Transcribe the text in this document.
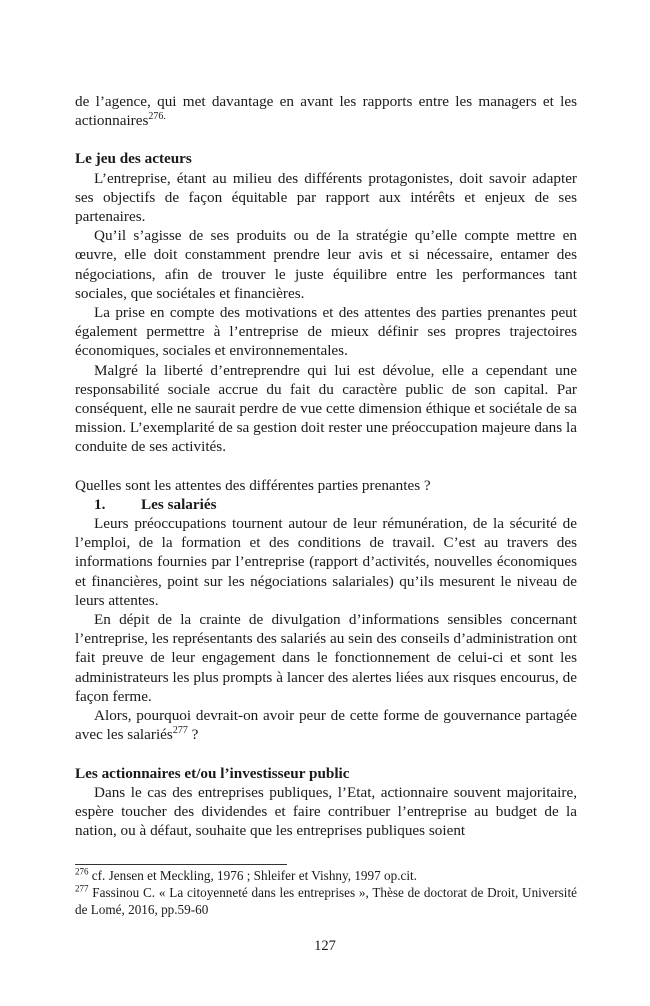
de l’agence, qui met davantage en avant les rapports entre les managers et les actionnaires$^{276.}$

Le jeu des acteurs

L’entreprise, étant au milieu des différents protagonistes, doit savoir adapter ses objectifs de façon équitable par rapport aux intérêts et enjeux de ses partenaires.

Qu’il s’agisse de ses produits ou de la stratégie qu’elle compte mettre en œuvre, elle doit constamment prendre leur avis et si nécessaire, entamer des négociations, afin de trouver le juste équilibre entre les performances tant sociales, que sociétales et financières.

La prise en compte des motivations et des attentes des parties prenantes peut également permettre à l’entreprise de mieux définir ses propres trajectoires économiques, sociales et environnementales.

Malgré la liberté d’entreprendre qui lui est dévolue, elle a cependant une responsabilité sociale accrue du fait du caractère public de son capital. Par conséquent, elle ne saurait perdre de vue cette dimension éthique et sociétale de sa mission. L’exemplarité de sa gestion doit rester une préoccupation majeure dans la conduite de ses activités.

Quelles sont les attentes des différentes parties prenantes ?

1.	Les salariés

Leurs préoccupations tournent autour de leur rémunération, de la sécurité de l’emploi, de la formation et des conditions de travail. C’est au travers des informations fournies par l’entreprise (rapport d’activités, nouvelles économiques et financières, point sur les négociations salariales) qu’ils mesurent le niveau de leurs attentes.

En dépit de la crainte de divulgation d’informations sensibles concernant l’entreprise, les représentants des salariés au sein des conseils d’administration ont fait preuve de leur engagement dans le fonctionnement de celui-ci et sont les administrateurs les plus prompts à lancer des alertes liées aux risques encourus, de façon ferme.

Alors, pourquoi devrait-on avoir peur de cette forme de gouvernance partagée avec les salariés$^{277}$ ?

Les actionnaires et/ou l’investisseur public

Dans le cas des entreprises publiques, l’Etat, actionnaire souvent majoritaire, espère toucher des dividendes et faire contribuer l’entreprise au budget de la nation, ou à défaut, souhaite que les entreprises publiques soient

$^{276}$ cf. Jensen et Meckling, 1976 ; Shleifer et Vishny, 1997 op.cit.

$^{277}$ Fassinou C. « La citoyenneté dans les entreprises », Thèse de doctorat de Droit, Université de Lomé, 2016, pp.59-60

127
